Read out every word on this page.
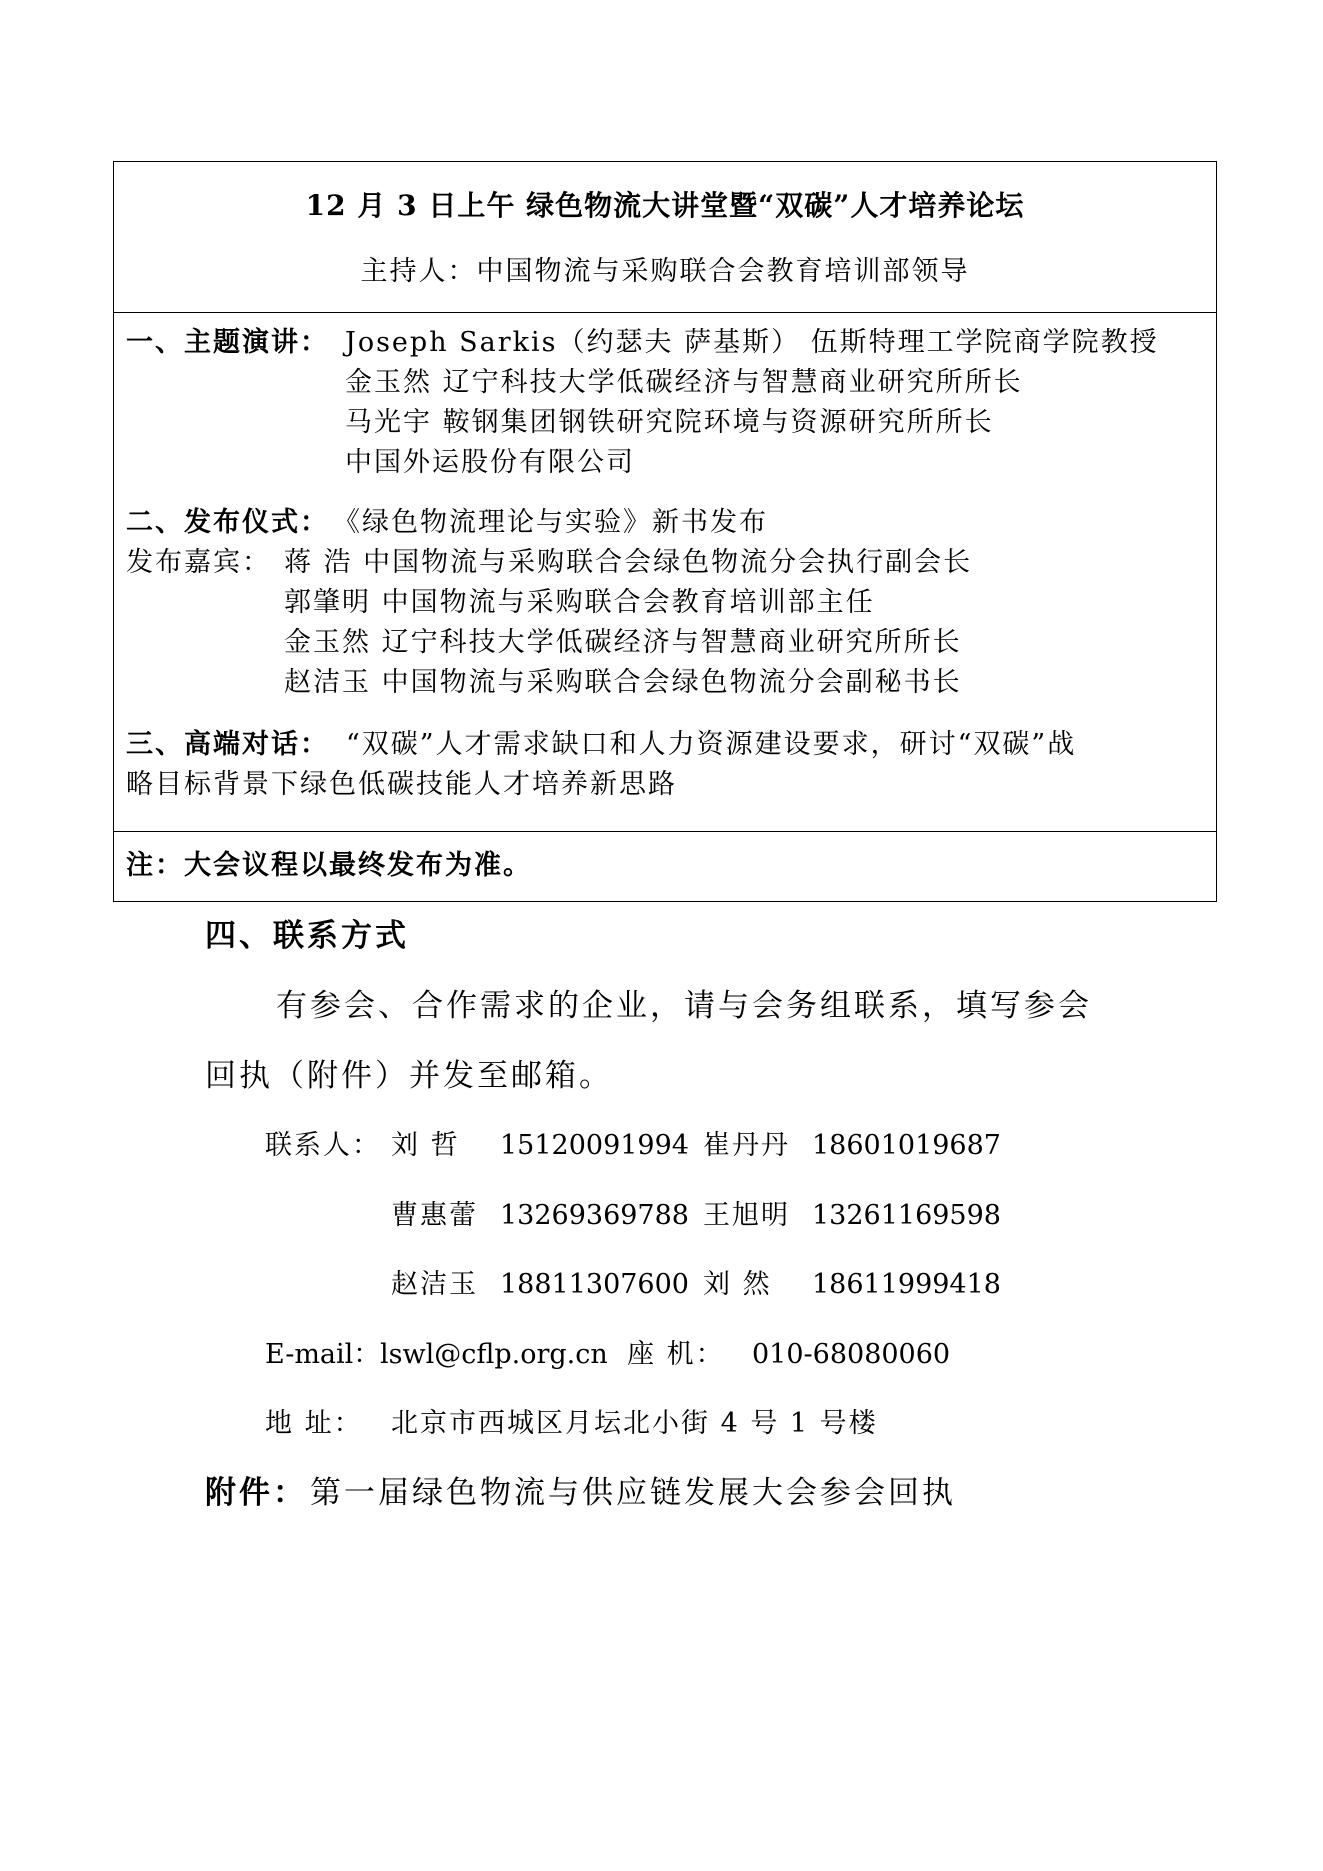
12 月 3 日上午 绿色物流大讲堂暨“双碳”人才培养论坛
主持人：中国物流与采购联合会教育培训部领导
一、主题演讲： Joseph Sarkis（约瑟夫 萨基斯） 伍斯特理工学院商学院教授
金玉然 辽宁科技大学低碳经济与智慧商业研究所所长
马光宇 鞍钢集团钢铁研究院环境与资源研究所所长
中国外运股份有限公司
二、发布仪式： 《绿色物流理论与实验》新书发布
发布嘉宾： 蒋 浩 中国物流与采购联合会绿色物流分会执行副会长
郭肇明 中国物流与采购联合会教育培训部主任
金玉然 辽宁科技大学低碳经济与智慧商业研究所所长
赵洁玉 中国物流与采购联合会绿色物流分会副秘书长
三、高端对话： “双碳”人才需求缺口和人力资源建设要求，研讨“双碳”战
略目标背景下绿色低碳技能人才培养新思路
注：大会议程以最终发布为准。
四、联系方式
有参会、合作需求的企业，请与会务组联系，填写参会
回执（附件）并发至邮箱。
联系人： 刘 哲 15120091994 崔丹丹 18601019687
曹惠蕾 13269369788 王旭明 13261169598
赵洁玉 18811307600 刘 然 18611999418
E-mail： lswl@cflp.org.cn 座 机： 010-68080060
地 址： 北京市西城区月坛北小街 4 号 1 号楼
附件： 第一届绿色物流与供应链发展大会参会回执
